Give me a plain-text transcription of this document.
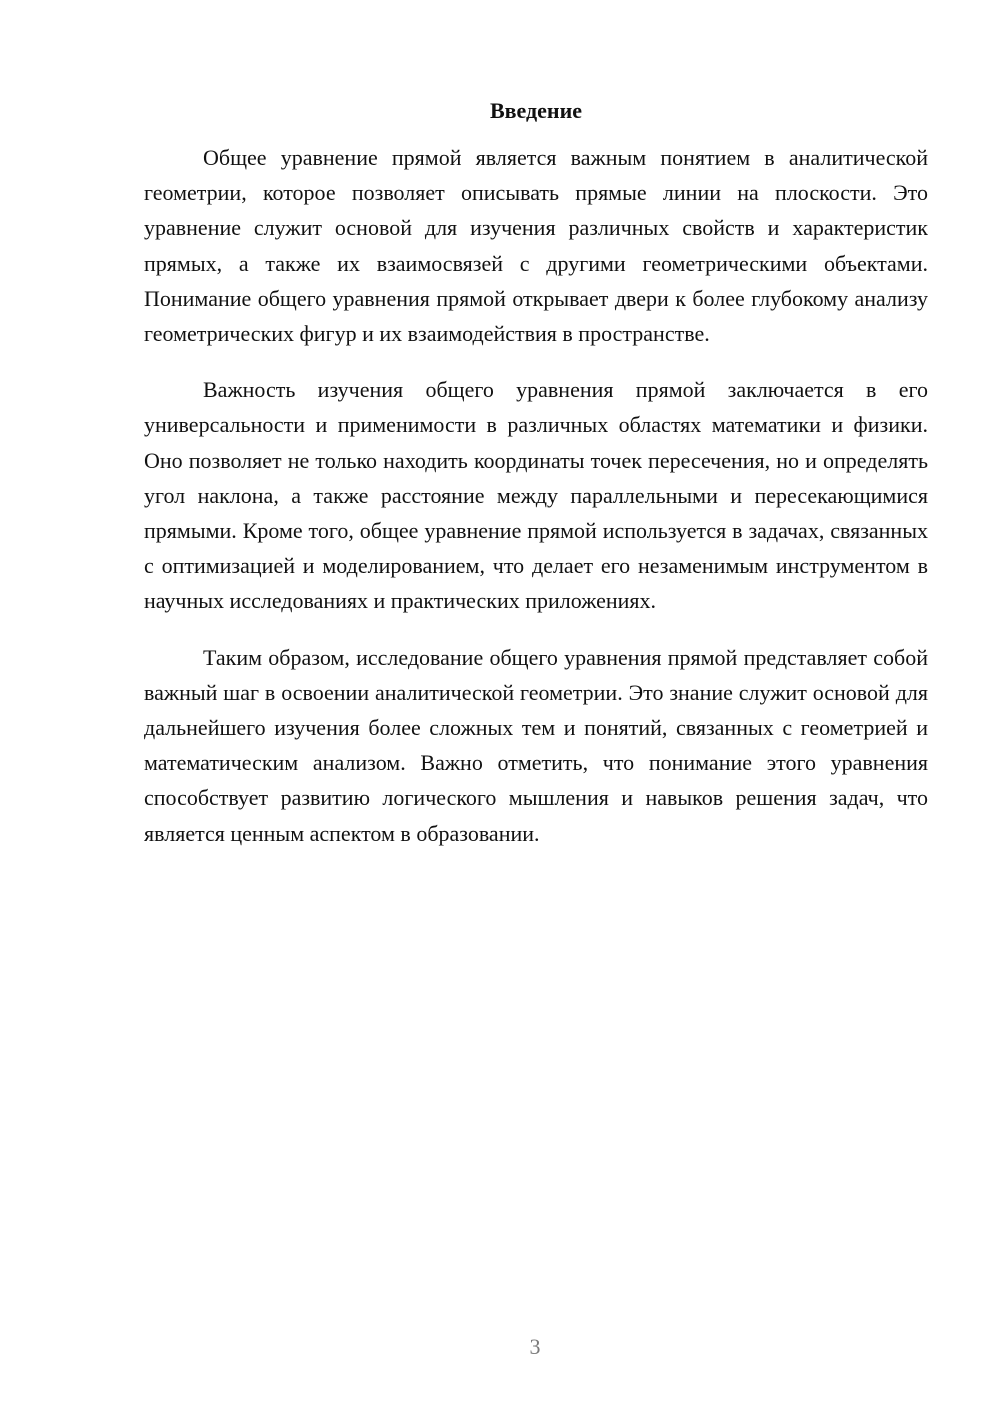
Введение

Общее уравнение прямой является важным понятием в аналитической геометрии, которое позволяет описывать прямые линии на плоскости. Это уравнение служит основой для изучения различных свойств и характеристик прямых, а также их взаимосвязей с другими геометрическими объектами. Понимание общего уравнения прямой открывает двери к более глубокому анализу геометрических фигур и их взаимодействия в пространстве.

Важность изучения общего уравнения прямой заключается в его универсальности и применимости в различных областях математики и физики. Оно позволяет не только находить координаты точек пересечения, но и определять угол наклона, а также расстояние между параллельными и пересекающимися прямыми. Кроме того, общее уравнение прямой используется в задачах, связанных с оптимизацией и моделированием, что делает его незаменимым инструментом в научных исследованиях и практических приложениях.

Таким образом, исследование общего уравнения прямой представляет собой важный шаг в освоении аналитической геометрии. Это знание служит основой для дальнейшего изучения более сложных тем и понятий, связанных с геометрией и математическим анализом. Важно отметить, что понимание этого уравнения способствует развитию логического мышления и навыков решения задач, что является ценным аспектом в образовании.

3
